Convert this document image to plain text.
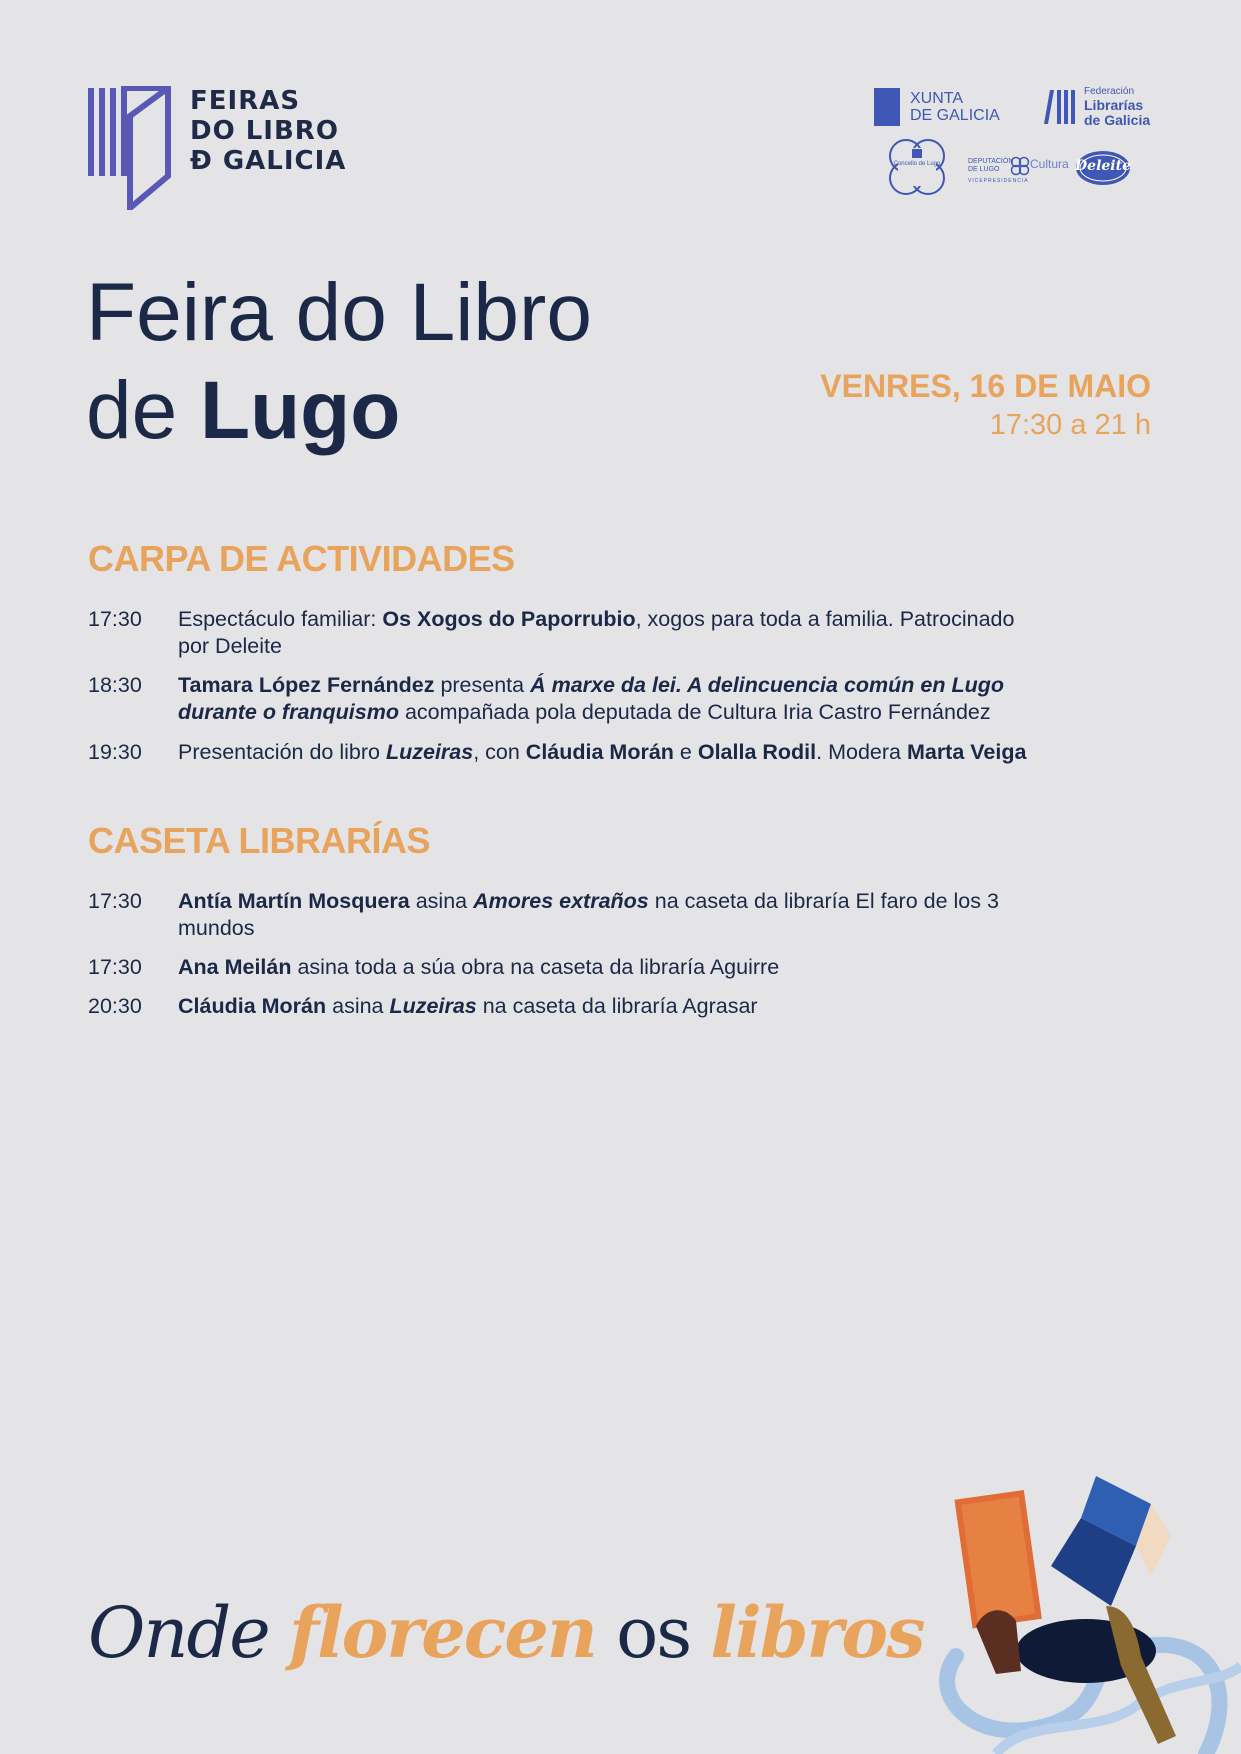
FEIRAS
DO LIBRO
Đ GALICIA
XUNTA
DE GALICIA
Federación
Librarías
de Galicia
Concello de Lugo	DEPUTACIÓN
DE LUGO	Cultura
VICEPRESIDENCIA
Deleite
Feira do Libro
de Lugo	VENRES, 16 DE MAIO
17:30 a 21 h
CARPA DE ACTIVIDADES
17:30	Espectáculo familiar: Os Xogos do Paporrubio, xogos para toda a familia. Patrocinado
por Deleite
18:30	Tamara López Fernández presenta Á marxe da lei. A delincuencia común en Lugo
durante o franquismo acompañada pola deputada de Cultura Iria Castro Fernández
19:30	Presentación do libro Luzeiras, con Cláudia Morán e Olalla Rodil. Modera Marta Veiga
CASETA LIBRARÍAS
17:30	Antía Martín Mosquera asina Amores extraños na caseta da libraría El faro de los 3
mundos
17:30	Ana Meilán asina toda a súa obra na caseta da libraría Aguirre
20:30	Cláudia Morán asina Luzeiras na caseta da libraría Agrasar
Onde florecen os libros
